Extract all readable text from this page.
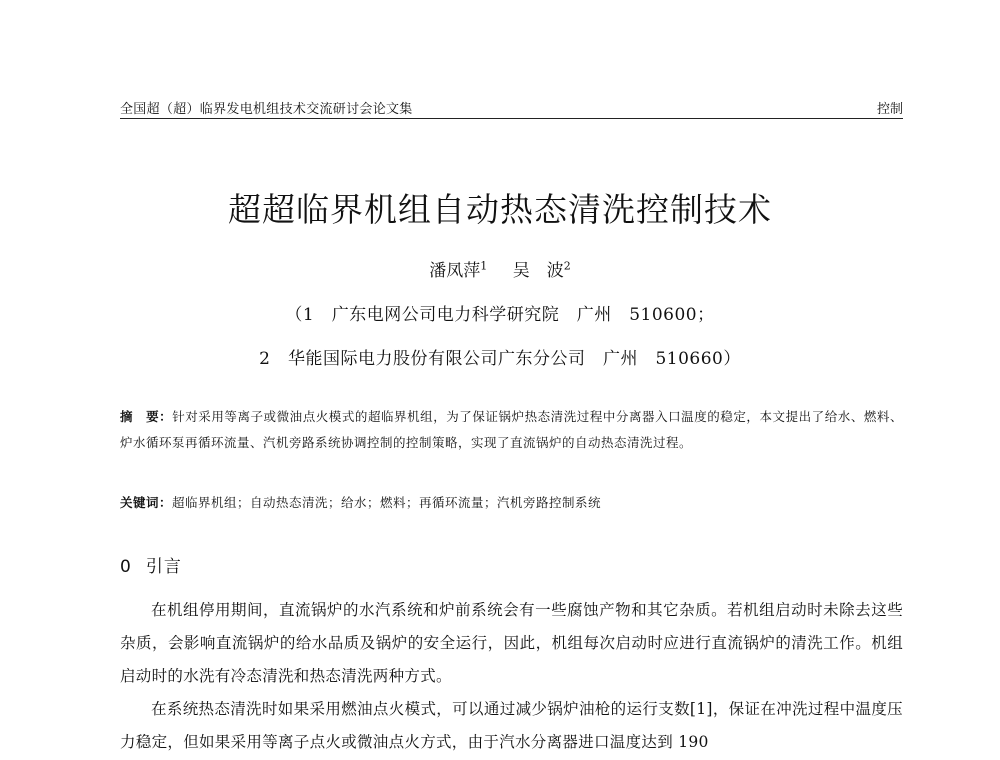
全国超（超）临界发电机组技术交流研讨会论文集	控制
超超临界机组自动热态清洗控制技术
潘凤萍$^1$ 吴　波$^2$
（1　广东电网公司电力科学研究院　广州　510600；
2　华能国际电力股份有限公司广东分公司　广州　510660）
摘　要：针对采用等离子或微油点火模式的超临界机组，为了保证锅炉热态清洗过程中分离器入口温度的稳定，本文提出了给水、燃料、炉水循环泵再循环流量、汽机旁路系统协调控制的控制策略，实现了直流锅炉的自动热态清洗过程。
关键词：超临界机组；自动热态清洗；给水；燃料；再循环流量；汽机旁路控制系统
0 引言

在机组停用期间，直流锅炉的水汽系统和炉前系统会有一些腐蚀产物和其它杂质。若机组启动时未除去这些杂质，会影响直流锅炉的给水品质及锅炉的安全运行，因此，机组每次启动时应进行直流锅炉的清洗工作。机组启动时的水洗有冷态清洗和热态清洗两种方式。

在系统热态清洗时如果采用燃油点火模式，可以通过减少锅炉油枪的运行支数[1]，保证在冲洗过程中温度压力稳定，但如果采用等离子点火或微油点火方式，由于汽水分离器进口温度达到 190
